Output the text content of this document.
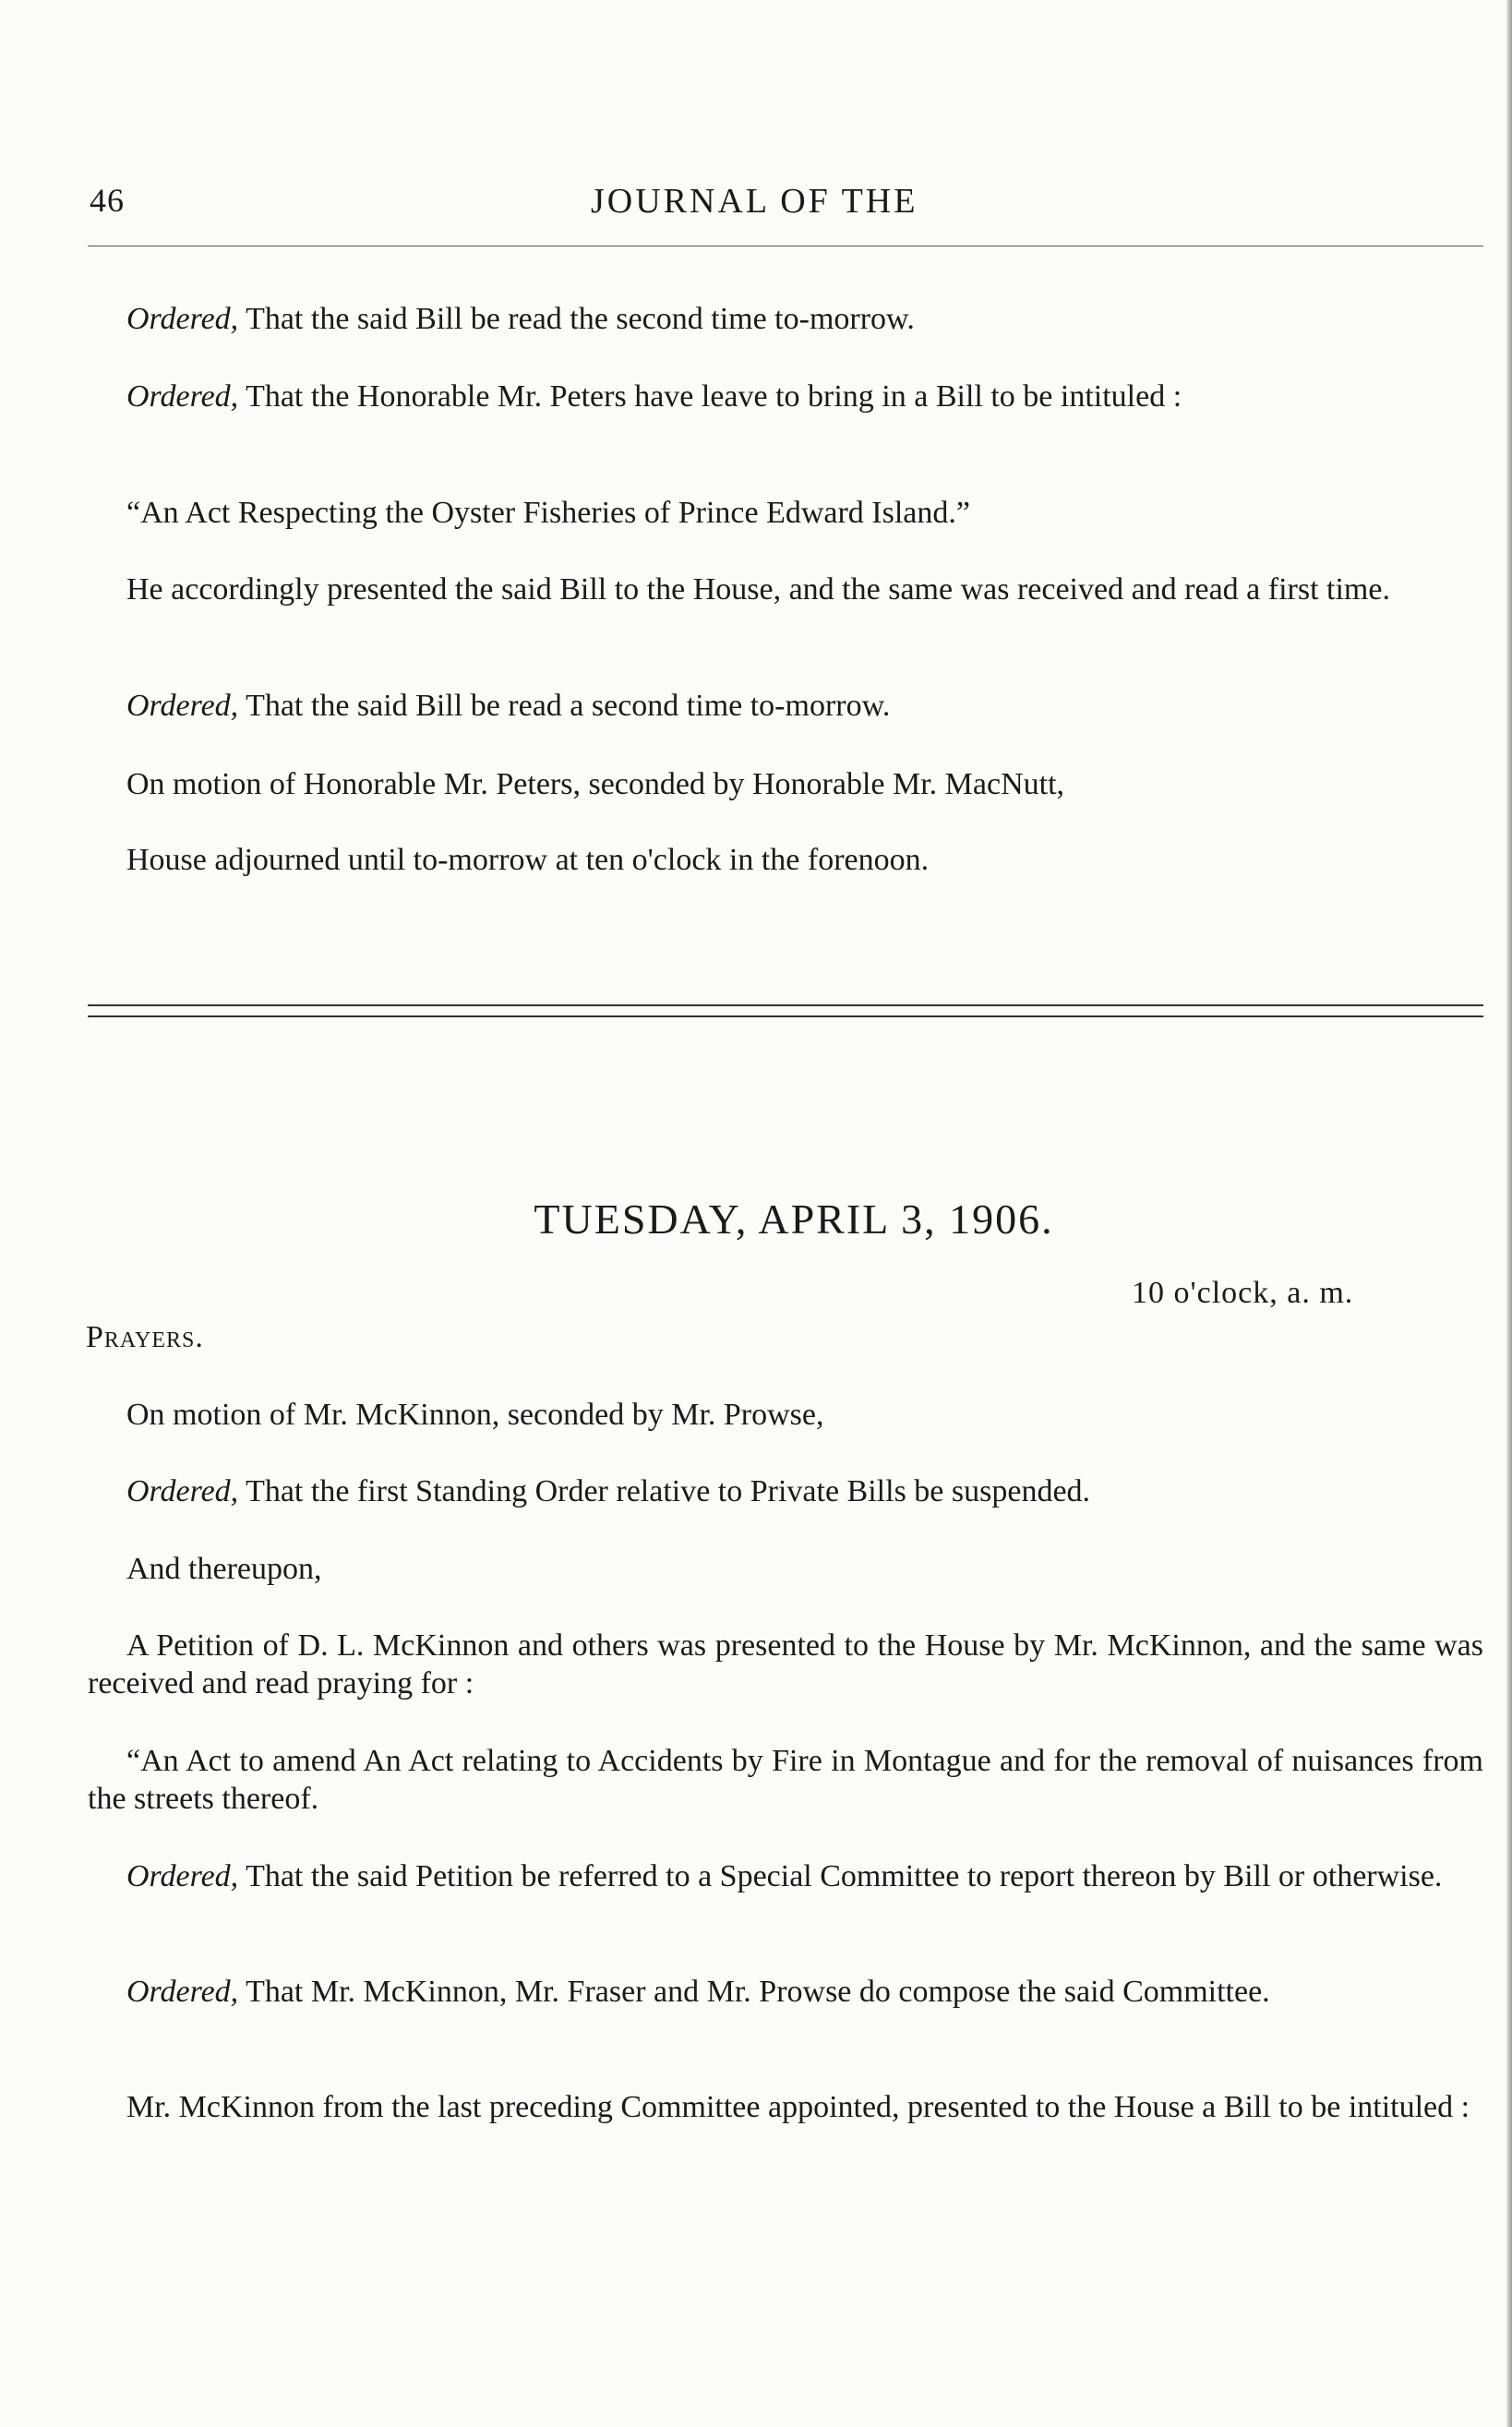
46	JOURNAL OF THE
Ordered, That the said Bill be read the second time to-morrow.
Ordered, That the Honorable Mr. Peters have leave to bring in a Bill to be intituled :
“An Act Respecting the Oyster Fisheries of Prince Edward Island.”
He accordingly presented the said Bill to the House, and the same was received and read a first time.
Ordered, That the said Bill be read a second time to-morrow.
On motion of Honorable Mr. Peters, seconded by Honorable Mr. MacNutt,
House adjourned until to-morrow at ten o'clock in the forenoon.
TUESDAY, APRIL 3, 1906.
10 o'clock, a. m.
Prayers.
On motion of Mr. McKinnon, seconded by Mr. Prowse,
Ordered, That the first Standing Order relative to Private Bills be suspended.
And thereupon,
A Petition of D. L. McKinnon and others was presented to the House by Mr. McKinnon, and the same was received and read praying for :
“An Act to amend An Act relating to Accidents by Fire in Montague and for the removal of nuisances from the streets thereof.
Ordered, That the said Petition be referred to a Special Committee to report thereon by Bill or otherwise.
Ordered, That Mr. McKinnon, Mr. Fraser and Mr. Prowse do compose the said Committee.
Mr. McKinnon from the last preceding Committee appointed, presented to the House a Bill to be intituled :
